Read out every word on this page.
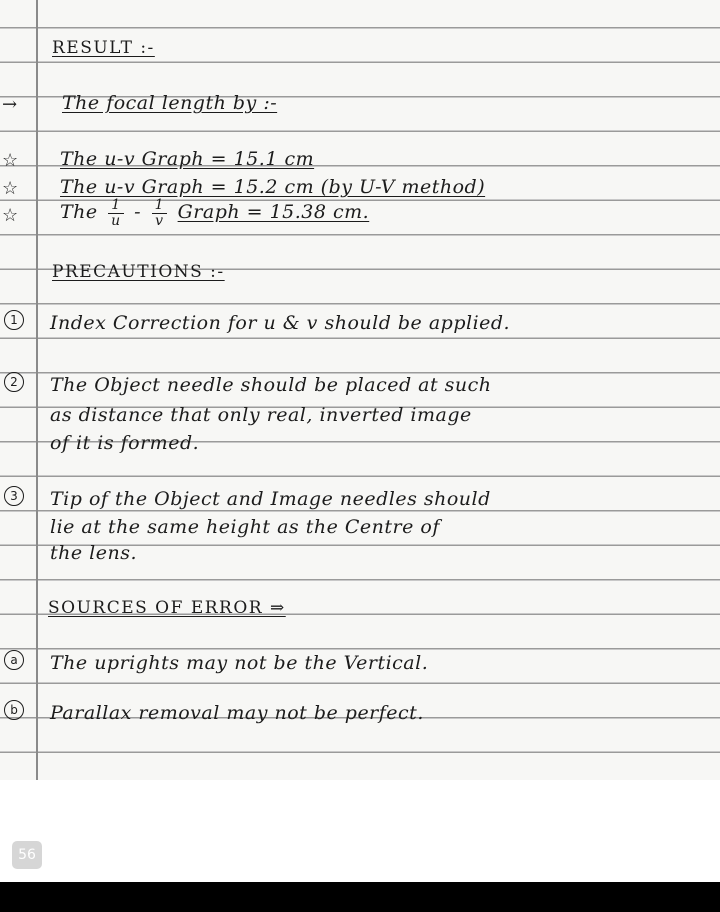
RESULT :-
→ The focal length by :-
☆ The u-v Graph = 15.1 cm
☆ The u-v Graph = 15.2 cm (by U-V method)
☆ The $\frac{1}{u} - \frac{1}{v}$ Graph = 15.38 cm.
PRECAUTIONS :-
1	Index Correction for u & v should be applied.
2	The Object needle should be placed at such
as distance that only real, inverted image
of it is formed.
3	Tip of the Object and Image needles should
lie at the same height as the Centre of
the lens.
SOURCES OF ERROR ⇒
a	The uprights may not be the Vertical.
b	Parallax removal may not be perfect.
56
